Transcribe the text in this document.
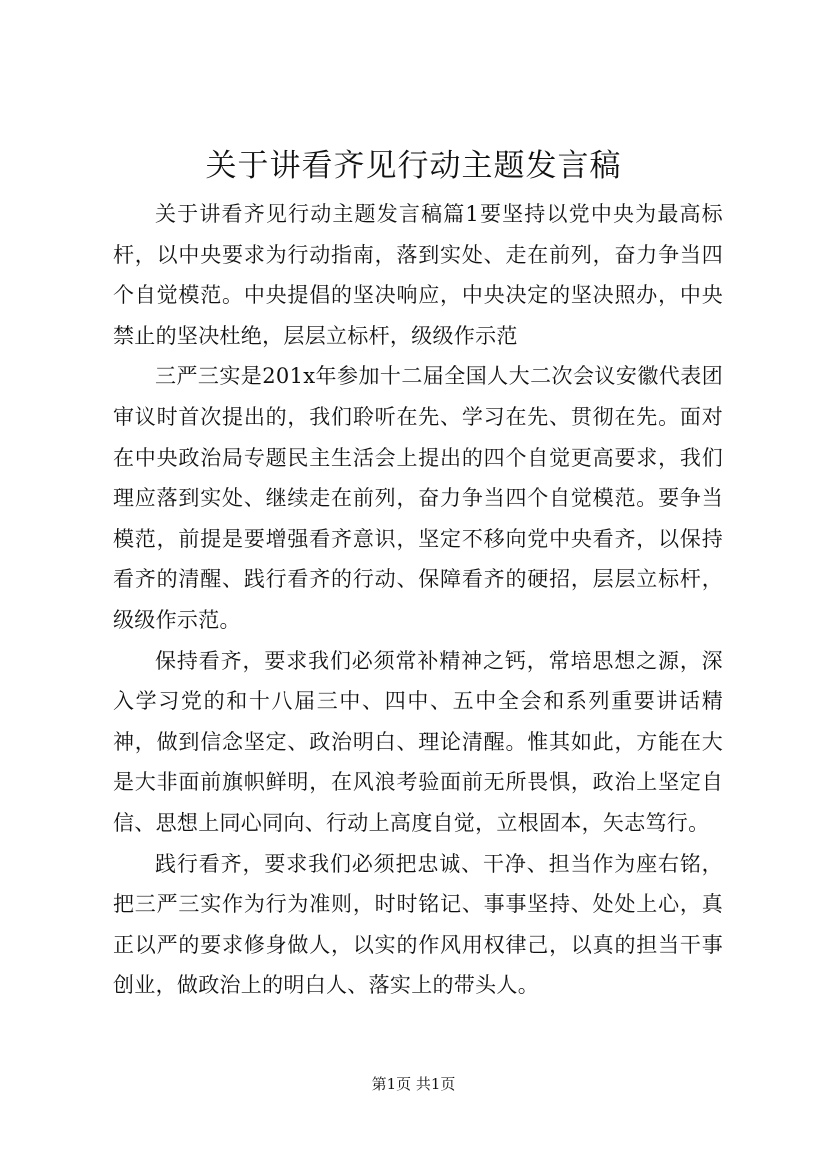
关于讲看齐见行动主题发言稿

关于讲看齐见行动主题发言稿篇1要坚持以党中央为最高标杆，以中央要求为行动指南，落到实处、走在前列，奋力争当四个自觉模范。中央提倡的坚决响应，中央决定的坚决照办，中央禁止的坚决杜绝，层层立标杆，级级作示范

三严三实是201x年参加十二届全国人大二次会议安徽代表团审议时首次提出的，我们聆听在先、学习在先、贯彻在先。面对在中央政治局专题民主生活会上提出的四个自觉更高要求，我们理应落到实处、继续走在前列，奋力争当四个自觉模范。要争当模范，前提是要增强看齐意识，坚定不移向党中央看齐，以保持看齐的清醒、践行看齐的行动、保障看齐的硬招，层层立标杆，级级作示范。

保持看齐，要求我们必须常补精神之钙，常培思想之源，深入学习党的和十八届三中、四中、五中全会和系列重要讲话精神，做到信念坚定、政治明白、理论清醒。惟其如此，方能在大是大非面前旗帜鲜明，在风浪考验面前无所畏惧，政治上坚定自信、思想上同心同向、行动上高度自觉，立根固本，矢志笃行。

践行看齐，要求我们必须把忠诚、干净、担当作为座右铭，把三严三实作为行为准则，时时铭记、事事坚持、处处上心，真正以严的要求修身做人，以实的作风用权律己，以真的担当干事创业，做政治上的明白人、落实上的带头人。

第1页 共1页
